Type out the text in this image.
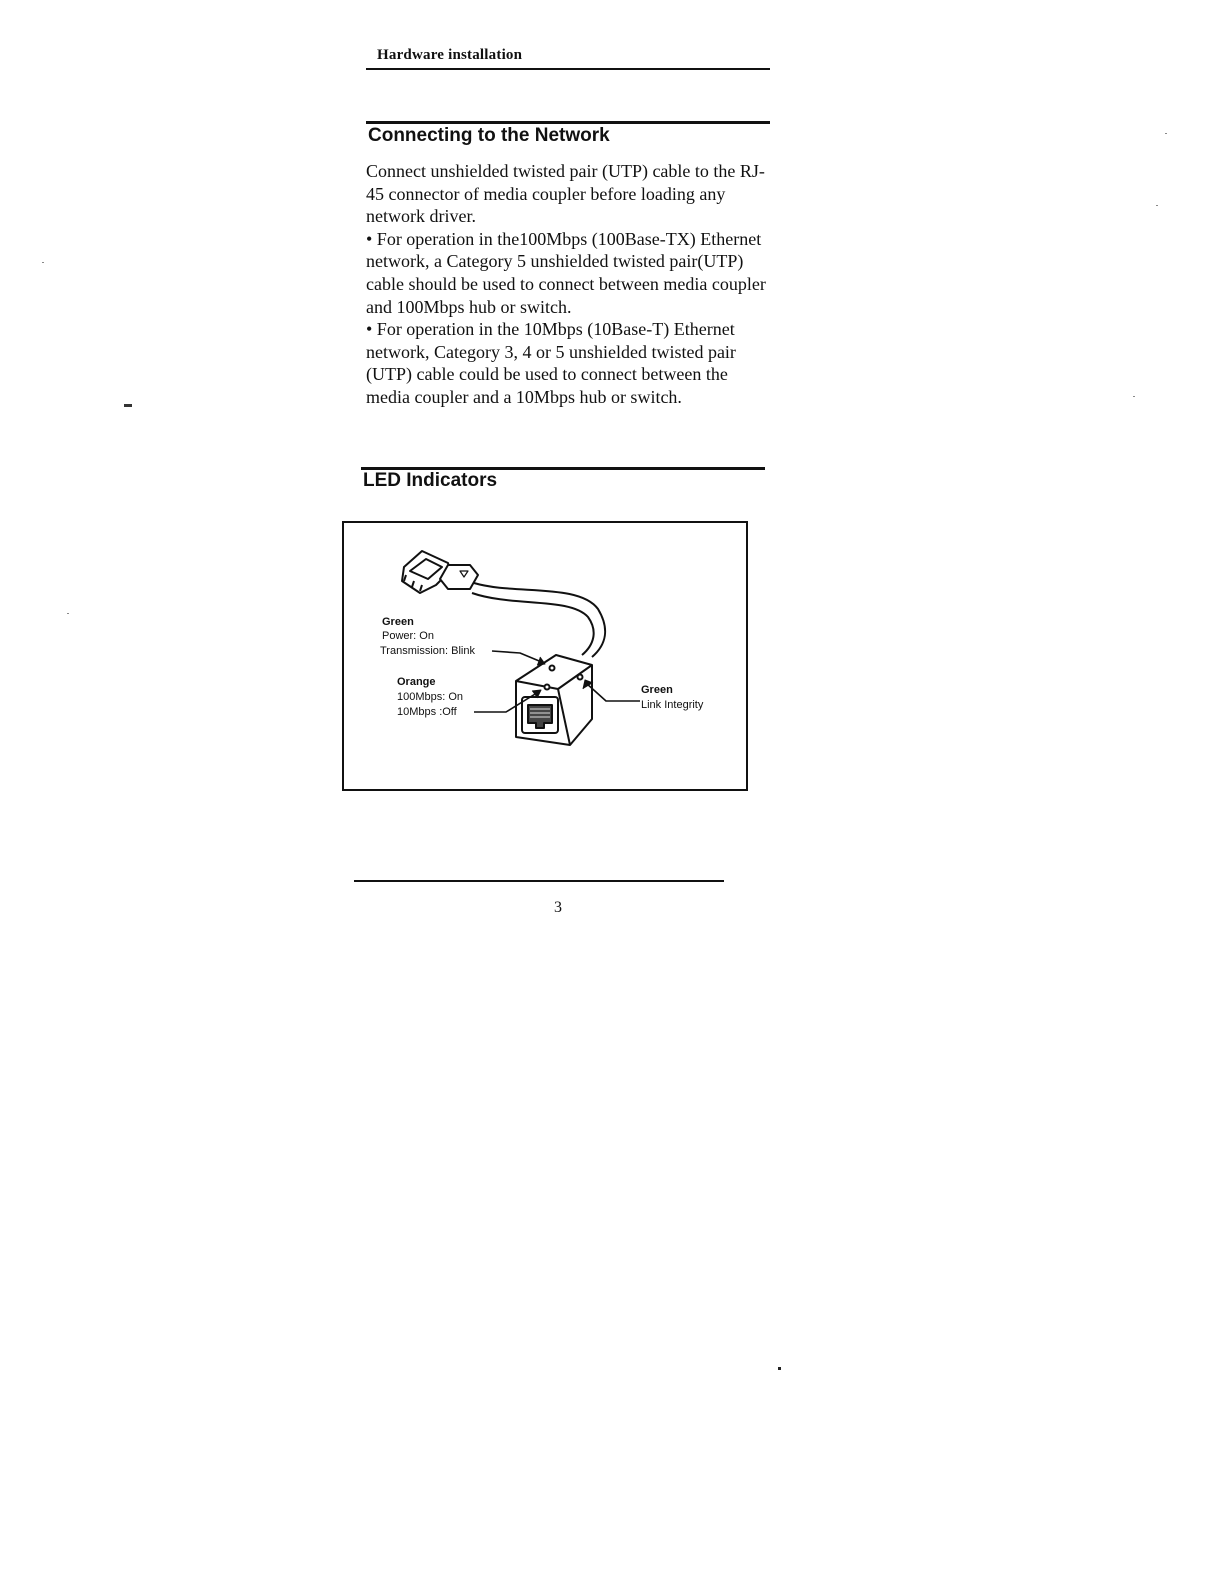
Hardware installation
Connecting to the Network

Connect unshielded twisted pair (UTP) cable to the RJ-45 connector of media coupler before loading any network driver.

• For operation in the100Mbps (100Base-TX) Ethernet network, a Category 5 unshielded twisted pair(UTP) cable should be used to connect between media coupler and 100Mbps hub or switch.

• For operation in the 10Mbps (10Base-T) Ethernet network, Category 3, 4 or 5 unshielded twisted pair (UTP) cable could be used to connect between the media coupler and a 10Mbps hub or switch.

LED Indicators
Green
Power: On
Transmission: Blink
Orange
100Mbps: On
10Mbps :Off
Green
Link Integrity
3
